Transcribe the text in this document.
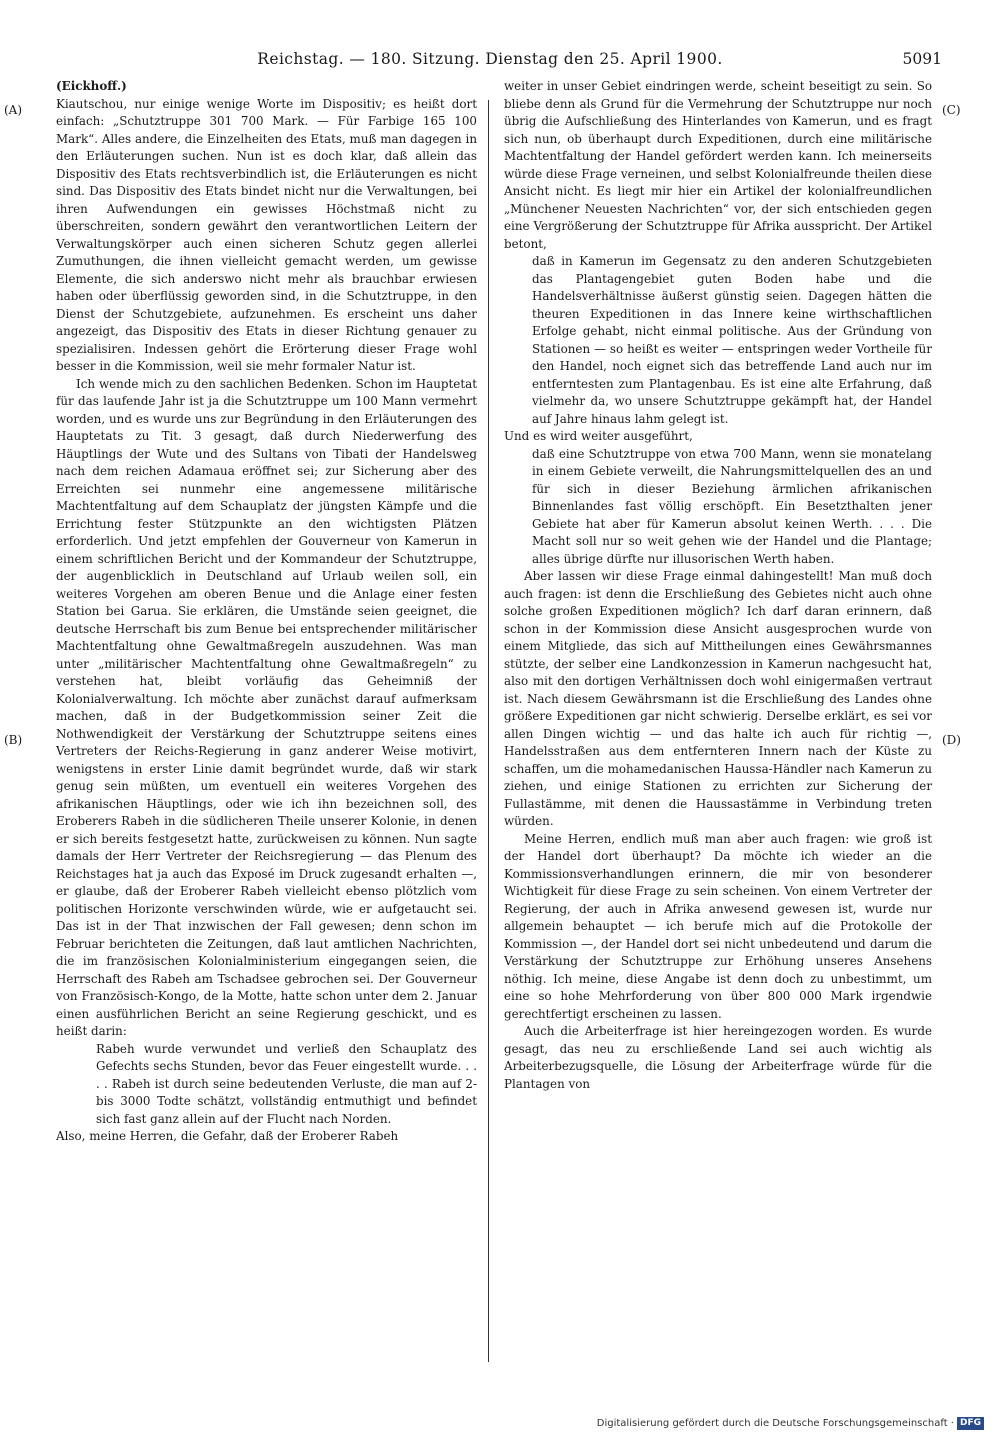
Reichstag. — 180. Sitzung. Dienstag den 25. April 1900.	5091
(A)
(B)
(C)
(D)

(Eickhoff.)

Kiautschou, nur einige wenige Worte im Dispositiv; es heißt dort einfach: „Schutztruppe 301 700 Mark. — Für Farbige 165 100 Mark“. Alles andere, die Einzelheiten des Etats, muß man dagegen in den Erläuterungen suchen. Nun ist es doch klar, daß allein das Dispositiv des Etats rechtsverbindlich ist, die Erläuterungen es nicht sind. Das Dispositiv des Etats bindet nicht nur die Verwaltungen, bei ihren Aufwendungen ein gewisses Höchstmaß nicht zu überschreiten, sondern gewährt den verantwortlichen Leitern der Verwaltungskörper auch einen sicheren Schutz gegen allerlei Zumuthungen, die ihnen vielleicht gemacht werden, um gewisse Elemente, die sich anderswo nicht mehr als brauchbar erwiesen haben oder überflüssig geworden sind, in die Schutztruppe, in den Dienst der Schutzgebiete, aufzunehmen. Es erscheint uns daher angezeigt, das Dispositiv des Etats in dieser Richtung genauer zu spezialisiren. Indessen gehört die Erörterung dieser Frage wohl besser in die Kommission, weil sie mehr formaler Natur ist.

Ich wende mich zu den sachlichen Bedenken. Schon im Hauptetat für das laufende Jahr ist ja die Schutztruppe um 100 Mann vermehrt worden, und es wurde uns zur Begründung in den Erläuterungen des Hauptetats zu Tit. 3 gesagt, daß durch Niederwerfung des Häuptlings der Wute und des Sultans von Tibati der Handelsweg nach dem reichen Adamaua eröffnet sei; zur Sicherung aber des Erreichten sei nunmehr eine angemessene militärische Machtentfaltung auf dem Schauplatz der jüngsten Kämpfe und die Errichtung fester Stützpunkte an den wichtigsten Plätzen erforderlich. Und jetzt empfehlen der Gouverneur von Kamerun in einem schriftlichen Bericht und der Kommandeur der Schutztruppe, der augenblicklich in Deutschland auf Urlaub weilen soll, ein weiteres Vorgehen am oberen Benue und die Anlage einer festen Station bei Garua. Sie erklären, die Umstände seien geeignet, die deutsche Herrschaft bis zum Benue bei entsprechender militärischer Machtentfaltung ohne Gewaltmaßregeln auszudehnen. Was man unter „militärischer Machtentfaltung ohne Gewaltmaßregeln“ zu verstehen hat, bleibt vorläufig das Geheimniß der Kolonialverwaltung. Ich möchte aber zunächst darauf aufmerksam machen, daß in der Budgetkommission seiner Zeit die Nothwendigkeit der Verstärkung der Schutztruppe seitens eines Vertreters der Reichs-Regierung in ganz anderer Weise motivirt, wenigstens in erster Linie damit begründet wurde, daß wir stark genug sein müßten, um eventuell ein weiteres Vorgehen des afrikanischen Häuptlings, oder wie ich ihn bezeichnen soll, des Eroberers Rabeh in die südlicheren Theile unserer Kolonie, in denen er sich bereits festgesetzt hatte, zurückweisen zu können. Nun sagte damals der Herr Vertreter der Reichsregierung — das Plenum des Reichstages hat ja auch das Exposé im Druck zugesandt erhalten —, er glaube, daß der Eroberer Rabeh vielleicht ebenso plötzlich vom politischen Horizonte verschwinden würde, wie er aufgetaucht sei. Das ist in der That inzwischen der Fall gewesen; denn schon im Februar berichteten die Zeitungen, daß laut amtlichen Nachrichten, die im französischen Kolonialministerium eingegangen seien, die Herrschaft des Rabeh am Tschadsee gebrochen sei. Der Gouverneur von Französisch-Kongo, de la Motte, hatte schon unter dem 2. Januar einen ausführlichen Bericht an seine Regierung geschickt, und es heißt darin:

Rabeh wurde verwundet und verließ den Schauplatz des Gefechts sechs Stunden, bevor das Feuer eingestellt wurde. . . . . Rabeh ist durch seine bedeutenden Verluste, die man auf 2- bis 3000 Todte schätzt, vollständig entmuthigt und befindet sich fast ganz allein auf der Flucht nach Norden.

Also, meine Herren, die Gefahr, daß der Eroberer Rabeh

weiter in unser Gebiet eindringen werde, scheint beseitigt zu sein. So bliebe denn als Grund für die Vermehrung der Schutztruppe nur noch übrig die Aufschließung des Hinterlandes von Kamerun, und es fragt sich nun, ob überhaupt durch Expeditionen, durch eine militärische Machtentfaltung der Handel gefördert werden kann. Ich meinerseits würde diese Frage verneinen, und selbst Kolonialfreunde theilen diese Ansicht nicht. Es liegt mir hier ein Artikel der kolonialfreundlichen „Münchener Neuesten Nachrichten“ vor, der sich entschieden gegen eine Vergrößerung der Schutztruppe für Afrika ausspricht. Der Artikel betont,

daß in Kamerun im Gegensatz zu den anderen Schutzgebieten das Plantagengebiet guten Boden habe und die Handelsverhältnisse äußerst günstig seien. Dagegen hätten die theuren Expeditionen in das Innere keine wirthschaftlichen Erfolge gehabt, nicht einmal politische. Aus der Gründung von Stationen — so heißt es weiter — entspringen weder Vortheile für den Handel, noch eignet sich das betreffende Land auch nur im entferntesten zum Plantagenbau. Es ist eine alte Erfahrung, daß vielmehr da, wo unsere Schutztruppe gekämpft hat, der Handel auf Jahre hinaus lahm gelegt ist.

Und es wird weiter ausgeführt,

daß eine Schutztruppe von etwa 700 Mann, wenn sie monatelang in einem Gebiete verweilt, die Nahrungsmittelquellen des an und für sich in dieser Beziehung ärmlichen afrikanischen Binnenlandes fast völlig erschöpft. Ein Besetzthalten jener Gebiete hat aber für Kamerun absolut keinen Werth. . . . Die Macht soll nur so weit gehen wie der Handel und die Plantage; alles übrige dürfte nur illusorischen Werth haben.

Aber lassen wir diese Frage einmal dahingestellt! Man muß doch auch fragen: ist denn die Erschließung des Gebietes nicht auch ohne solche großen Expeditionen möglich? Ich darf daran erinnern, daß schon in der Kommission diese Ansicht ausgesprochen wurde von einem Mitgliede, das sich auf Mittheilungen eines Gewährsmannes stützte, der selber eine Landkonzession in Kamerun nachgesucht hat, also mit den dortigen Verhältnissen doch wohl einigermaßen vertraut ist. Nach diesem Gewährsmann ist die Erschließung des Landes ohne größere Expeditionen gar nicht schwierig. Derselbe erklärt, es sei vor allen Dingen wichtig — und das halte ich auch für richtig —, Handelsstraßen aus dem entfernteren Innern nach der Küste zu schaffen, um die mohamedanischen Haussa-Händler nach Kamerun zu ziehen, und einige Stationen zu errichten zur Sicherung der Fullastämme, mit denen die Haussastämme in Verbindung treten würden.

Meine Herren, endlich muß man aber auch fragen: wie groß ist der Handel dort überhaupt? Da möchte ich wieder an die Kommissionsverhandlungen erinnern, die mir von besonderer Wichtigkeit für diese Frage zu sein scheinen. Von einem Vertreter der Regierung, der auch in Afrika anwesend gewesen ist, wurde nur allgemein behauptet — ich berufe mich auf die Protokolle der Kommission —, der Handel dort sei nicht unbedeutend und darum die Verstärkung der Schutztruppe zur Erhöhung unseres Ansehens nöthig. Ich meine, diese Angabe ist denn doch zu unbestimmt, um eine so hohe Mehrforderung von über 800 000 Mark irgendwie gerechtfertigt erscheinen zu lassen.

Auch die Arbeiterfrage ist hier hereingezogen worden. Es wurde gesagt, das neu zu erschließende Land sei auch wichtig als Arbeiterbezugsquelle, die Lösung der Arbeiterfrage würde für die Plantagen von

Digitalisierung gefördert durch die Deutsche Forschungsgemeinschaft · DFG
